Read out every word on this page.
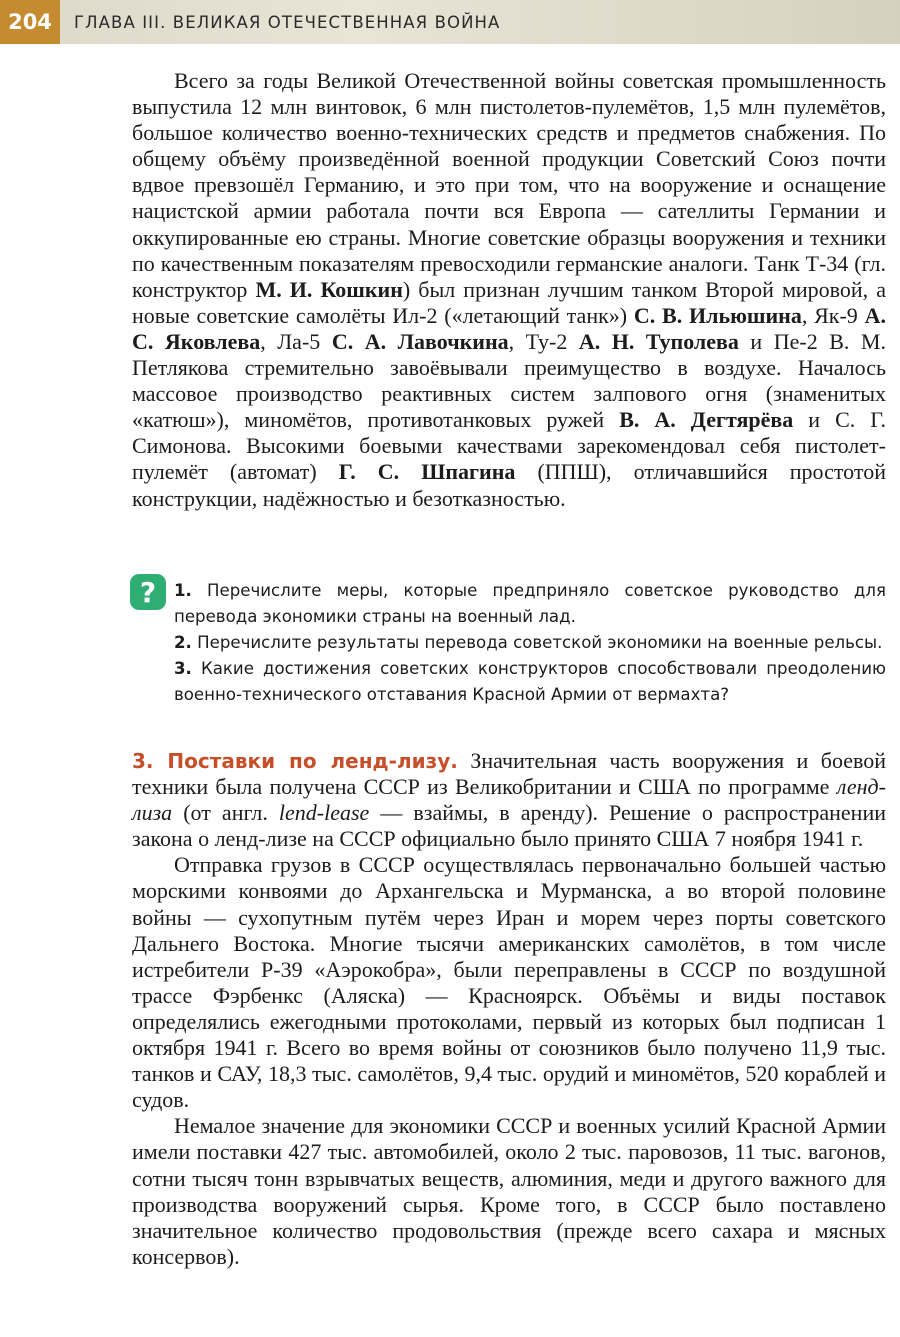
204	ГЛАВА III. ВЕЛИКАЯ ОТЕЧЕСТВЕННАЯ ВОЙНА

Всего за годы Великой Отечественной войны советская промышленность выпустила 12 млн винтовок, 6 млн пистолетов-пулемётов, 1,5 млн пулемётов, большое количество военно-технических средств и предметов снабжения. По общему объёму произведённой военной продукции Советский Союз почти вдвое превзошёл Германию, и это при том, что на вооружение и оснащение нацистской армии работала почти вся Европа — сателлиты Германии и оккупированные ею страны. Многие советские образцы вооружения и техники по качественным показателям превосходили германские аналоги. Танк Т-34 (гл. конструктор М. И. Кошкин) был признан лучшим танком Второй мировой, а новые советские самолёты Ил-2 («летающий танк») С. В. Ильюшина, Як-9 А. С. Яковлева, Ла-5 С. А. Лавочкина, Ту-2 А. Н. Туполева и Пе-2 В. М. Петлякова стремительно завоёвывали преимущество в воздухе. Началось массовое производство реактивных систем залпового огня (знаменитых «катюш»), миномётов, противотанковых ружей В. А. Дегтярёва и С. Г. Симонова. Высокими боевыми качествами зарекомендовал себя пистолет-пулемёт (автомат) Г. С. Шпагина (ППШ), отличавшийся простотой конструкции, надёжностью и безотказностью.

?	1. Перечислите меры, которые предприняло советское руководство для перевода экономики страны на военный лад.

2. Перечислите результаты перевода советской экономики на военные рельсы.

3. Какие достижения советских конструкторов способствовали преодолению военно-технического отставания Красной Армии от вермахта?

3. Поставки по ленд-лизу. Значительная часть вооружения и боевой техники была получена СССР из Великобритании и США по программе ленд-лиза (от англ. lend-lease — взаймы, в аренду). Решение о распространении закона о ленд-лизе на СССР официально было принято США 7 ноября 1941 г.

Отправка грузов в СССР осуществлялась первоначально большей частью морскими конвоями до Архангельска и Мурманска, а во второй половине войны — сухопутным путём через Иран и морем через порты советского Дальнего Востока. Многие тысячи американских самолётов, в том числе истребители Р-39 «Аэрокобра», были переправлены в СССР по воздушной трассе Фэрбенкс (Аляска) — Красноярск. Объёмы и виды поставок определялись ежегодными протоколами, первый из которых был подписан 1 октября 1941 г. Всего во время войны от союзников было получено 11,9 тыс. танков и САУ, 18,3 тыс. самолётов, 9,4 тыс. орудий и миномётов, 520 кораблей и судов.

Немалое значение для экономики СССР и военных усилий Красной Армии имели поставки 427 тыс. автомобилей, около 2 тыс. паровозов, 11 тыс. вагонов, сотни тысяч тонн взрывчатых веществ, алюминия, меди и другого важного для производства вооружений сырья. Кроме того, в СССР было поставлено значительное количество продовольствия (прежде всего сахара и мясных консервов).
